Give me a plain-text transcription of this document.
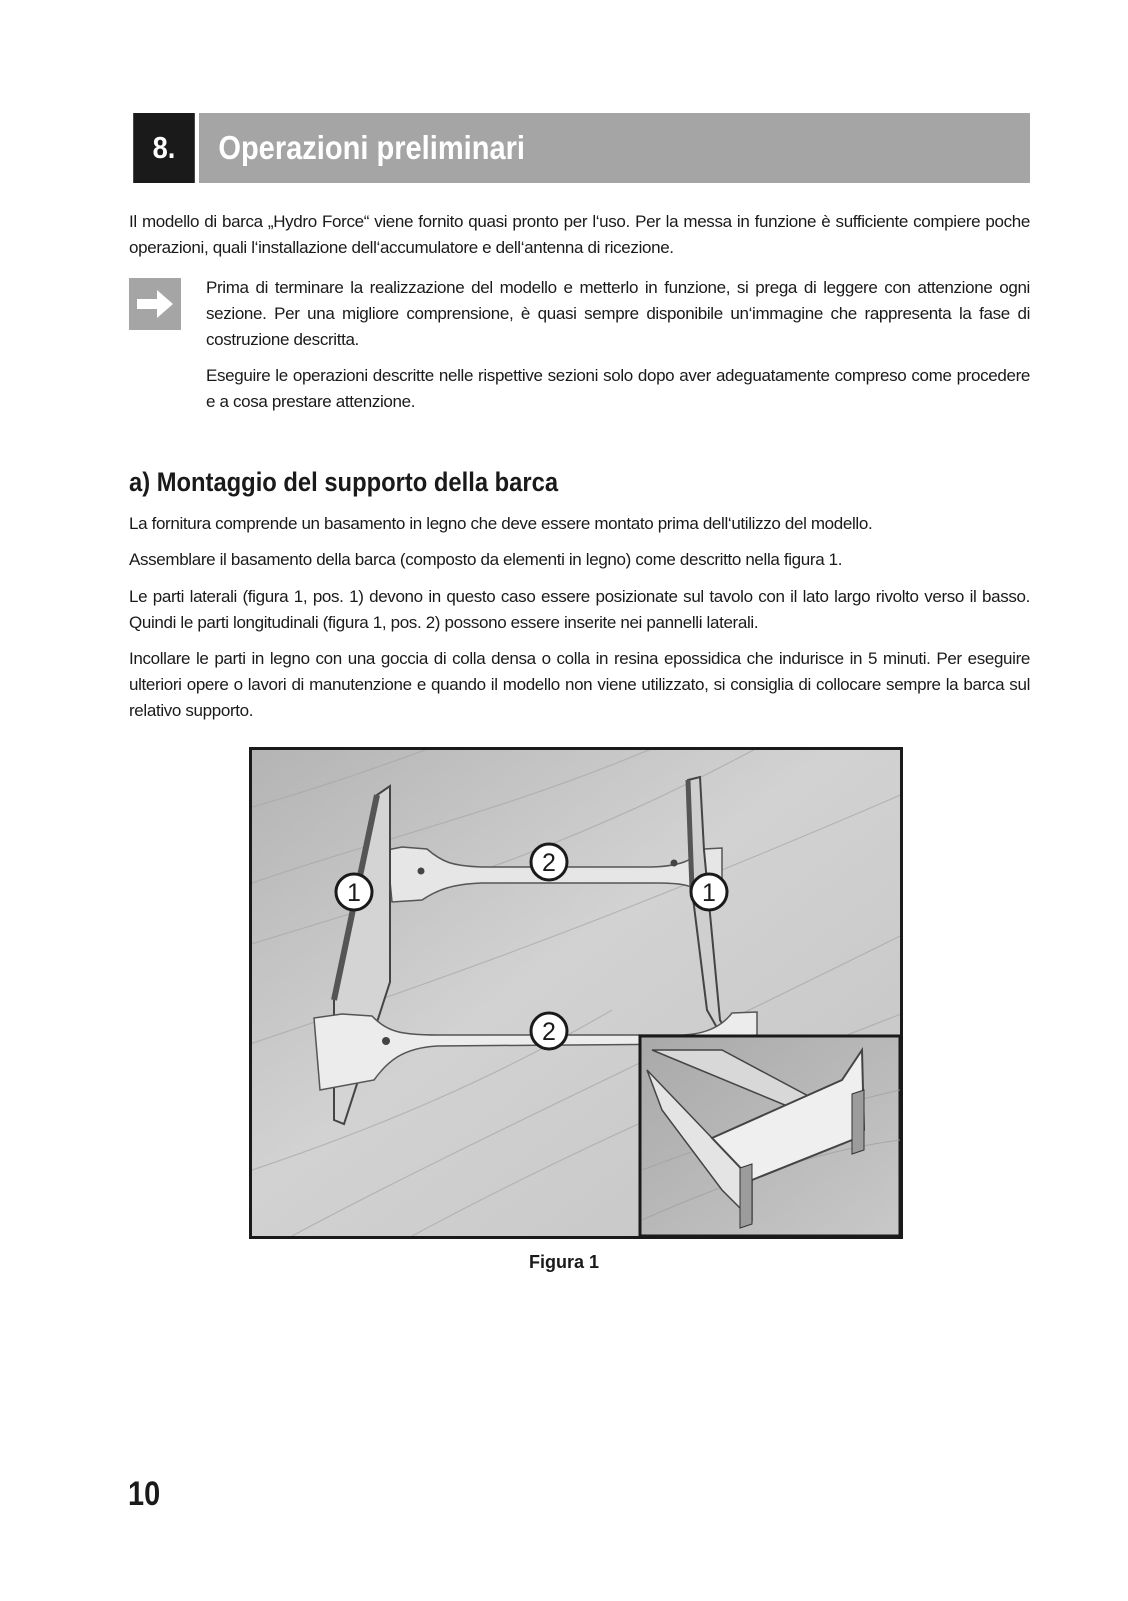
8.	Operazioni preliminari

Il modello di barca „Hydro Force“ viene fornito quasi pronto per l‘uso. Per la messa in funzione è sufficiente compiere poche operazioni, quali l‘installazione dell‘accumulatore e dell‘antenna di ricezione.

Prima di terminare la realizzazione del modello e metterlo in funzione, si prega di leggere con attenzione ogni sezione. Per una migliore comprensione, è quasi sempre disponibile un‘immagine che rappresenta la fase di costruzione descritta.

Eseguire le operazioni descritte nelle rispettive sezioni solo dopo aver adeguatamente compreso come procedere e a cosa prestare attenzione.

a) Montaggio del supporto della barca

La fornitura comprende un basamento in legno che deve essere montato prima dell‘utilizzo del modello.

Assemblare il basamento della barca (composto da elementi in legno) come descritto nella figura 1.

Le parti laterali (figura 1, pos. 1) devono in questo caso essere posizionate sul tavolo con il lato largo rivolto verso il basso. Quindi le parti longitudinali (figura 1, pos. 2) possono essere inserite nei pannelli laterali.

Incollare le parti in legno con una goccia di colla densa o colla in resina epossidica che indurisce in 5 minuti. Per eseguire ulteriori opere o lavori di manutenzione e quando il modello non viene utilizzato, si consiglia di collocare sempre la barca sul relativo supporto.

1
2
1
2
Figura 1
10
